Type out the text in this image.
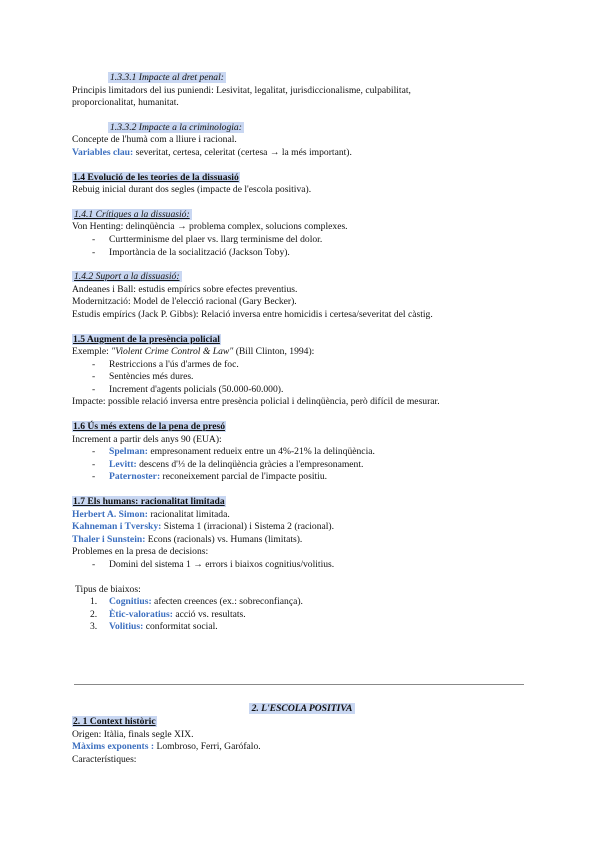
1.3.3.1 Impacte al dret penal:

Principis limitadors del ius puniendi: Lesivitat, legalitat, jurisdiccionalisme, culpabilitat,

proporcionalitat, humanitat.

1.3.3.2 Impacte a la criminologia:

Concepte de l'humà com a lliure i racional.

Variables clau: severitat, certesa, celeritat (certesa → la més important).

1.4 Evolució de les teories de la dissuasió

Rebuig inicial durant dos segles (impacte de l'escola positiva).

1.4.1 Crítiques a la dissuasió:

Von Henting: delinqüència → problema complex, solucions complexes.

- Curtterminisme del plaer vs. llarg terminisme del dolor.
- Importància de la socialització (Jackson Toby).

1.4.2 Suport a la dissuasió:

Andeanes i Ball: estudis empírics sobre efectes preventius.

Modernització: Model de l'elecció racional (Gary Becker).

Estudis empírics (Jack P. Gibbs): Relació inversa entre homicidis i certesa/severitat del càstig.

1.5 Augment de la presència policial

Exemple: "Violent Crime Control & Law" (Bill Clinton, 1994):

- Restriccions a l'ús d'armes de foc.
- Sentències més dures.
- Increment d'agents policials (50.000-60.000).

Impacte: possible relació inversa entre presència policial i delinqüència, però difícil de mesurar.

1.6 Ús més extens de la pena de presó

Increment a partir dels anys 90 (EUA):

- Spelman: empresonament redueix entre un 4%-21% la delinqüència.
- Levitt: descens d'⅓ de la delinqüència gràcies a l'empresonament.
- Paternoster: reconeixement parcial de l'impacte positiu.

1.7 Els humans: racionalitat limitada

Herbert A. Simon: racionalitat limitada.

Kahneman i Tversky: Sistema 1 (irracional) i Sistema 2 (racional).

Thaler i Sunstein: Econs (racionals) vs. Humans (limitats).

Problemes en la presa de decisions:

- Domini del sistema 1 → errors i biaixos cognitius/volitius.

Tipus de biaixos:

1. Cognitius: afecten creences (ex.: sobreconfiança).
2. Ètic-valoratius: acció vs. resultats.
3. Volitius: conformitat social.
2. L'ESCOLA POSITIVA

2. 1 Context històric

Origen: Itàlia, finals segle XIX.

Màxims exponents : Lombroso, Ferri, Garófalo.

Característiques:
